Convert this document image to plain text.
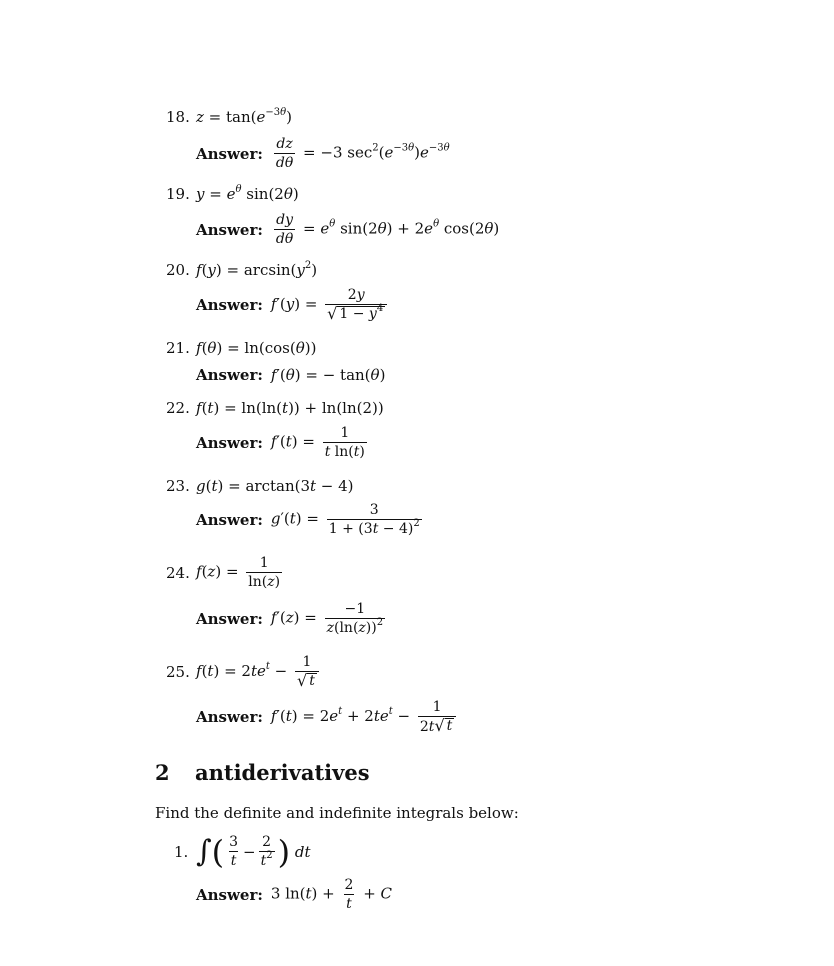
18. $z = \tan(e^{-3\theta})$
Answer: $\frac{dz}{d\theta} = -3$ $\sec^2(e^{-3\theta})e^{-3\theta}$
19. $y = e^\theta$ sin(2θ)
Answer: $\frac{dy}{d\theta} = e^\theta$ $\sin(2\theta) + 2e^\theta$ cos(2θ)
20. $f(y) = \arcsin(y^2)$
Answer: $f'(y) = \frac{2y}{√ 1 - y^4}$
21. f(θ) = ln(cos(θ))
Answer: f′(θ) = − tan(θ)
22. f(t) = ln(ln(t)) + ln(ln(2))
Answer: $f'(t) = \frac{1}{\text{t ln(t)}}$
23. g(t) = arctan(3t − 4)
Answer: $g'(t) = \frac{3}{1 + (3t - 4)^2}$
24. $f(z) = \frac{1}{\ln(z)}$
Answer: $f'(z) = \frac{-1}{z(\ln(z))^2}$
25. $f(t) = 2te^t - \frac{1}{√ t}$
Answer: $f'(t) = 2e^t + 2te^t - \frac{1}{2t √ t}$
2 antiderivatives
Find the definite and indefinite integrals below:
1. ∫ ( $\frac{3}{t} - \frac{2}{t^2}$ )
dt
Answer: 3 $\ln(t) + \frac{2}{t} + C$
